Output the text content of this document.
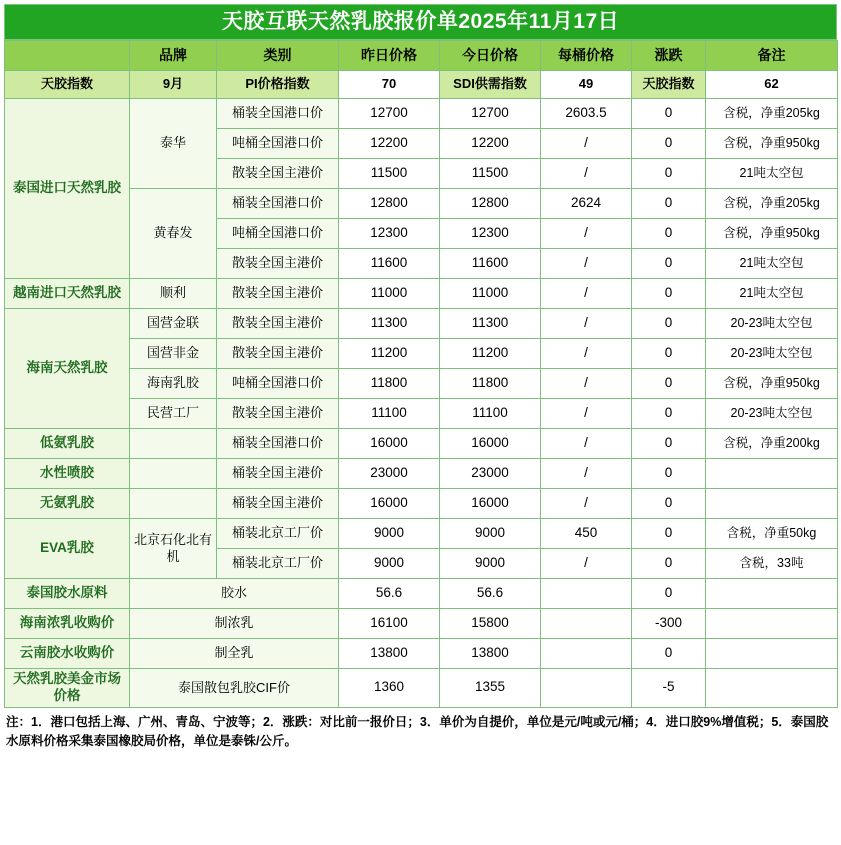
天胶互联天然乳胶报价单2025年11月17日
	品牌	类别	昨日价格	今日价格	每桶价格	涨跌	备注
天胶指数	9月	PI价格指数	70	SDI供需指数	49	天胶指数	62
泰国进口天然乳胶	泰华	桶装全国港口价	12700	12700	2603.5	0	含税，净重205kg
		吨桶全国港口价	12200	12200	/	0	含税，净重950kg
		散装全国主港价	11500	11500	/	0	21吨太空包
	黄春发	桶装全国港口价	12800	12800	2624	0	含税，净重205kg
		吨桶全国港口价	12300	12300	/	0	含税，净重950kg
		散装全国主港价	11600	11600	/	0	21吨太空包
越南进口天然乳胶	顺利	散装全国主港价	11000	11000	/	0	21吨太空包
海南天然乳胶	国营金联	散装全国主港价	11300	11300	/	0	20-23吨太空包
	国营非金	散装全国主港价	11200	11200	/	0	20-23吨太空包
	海南乳胶	吨桶全国港口价	11800	11800	/	0	含税，净重950kg
	民营工厂	散装全国主港价	11100	11100	/	0	20-23吨太空包
低氨乳胶		桶装全国港口价	16000	16000	/	0	含税，净重200kg
水性喷胶		桶装全国主港价	23000	23000	/	0	
无氨乳胶		桶装全国主港价	16000	16000	/	0	
EVA乳胶	北京石化北有机	桶装北京工厂价	9000	9000	450	0	含税，净重50kg
		桶装北京工厂价	9000	9000	/	0	含税，33吨
泰国胶水原料	胶水		56.6	56.6		0	
海南浓乳收购价	制浓乳		16100	15800		-300	
云南胶水收购价	制全乳		13800	13800		0	
天然乳胶美金市场价格	泰国散包乳胶CIF价		1360	1355		-5	
注：1．港口包括上海、广州、青岛、宁波等；2．涨跌：对比前一报价日；3．单价为自提价，单位是元/吨或元/桶；4．进口胶9%增值税；5．泰国胶水原料价格采集泰国橡胶局价格，单位是泰铢/公斤。
